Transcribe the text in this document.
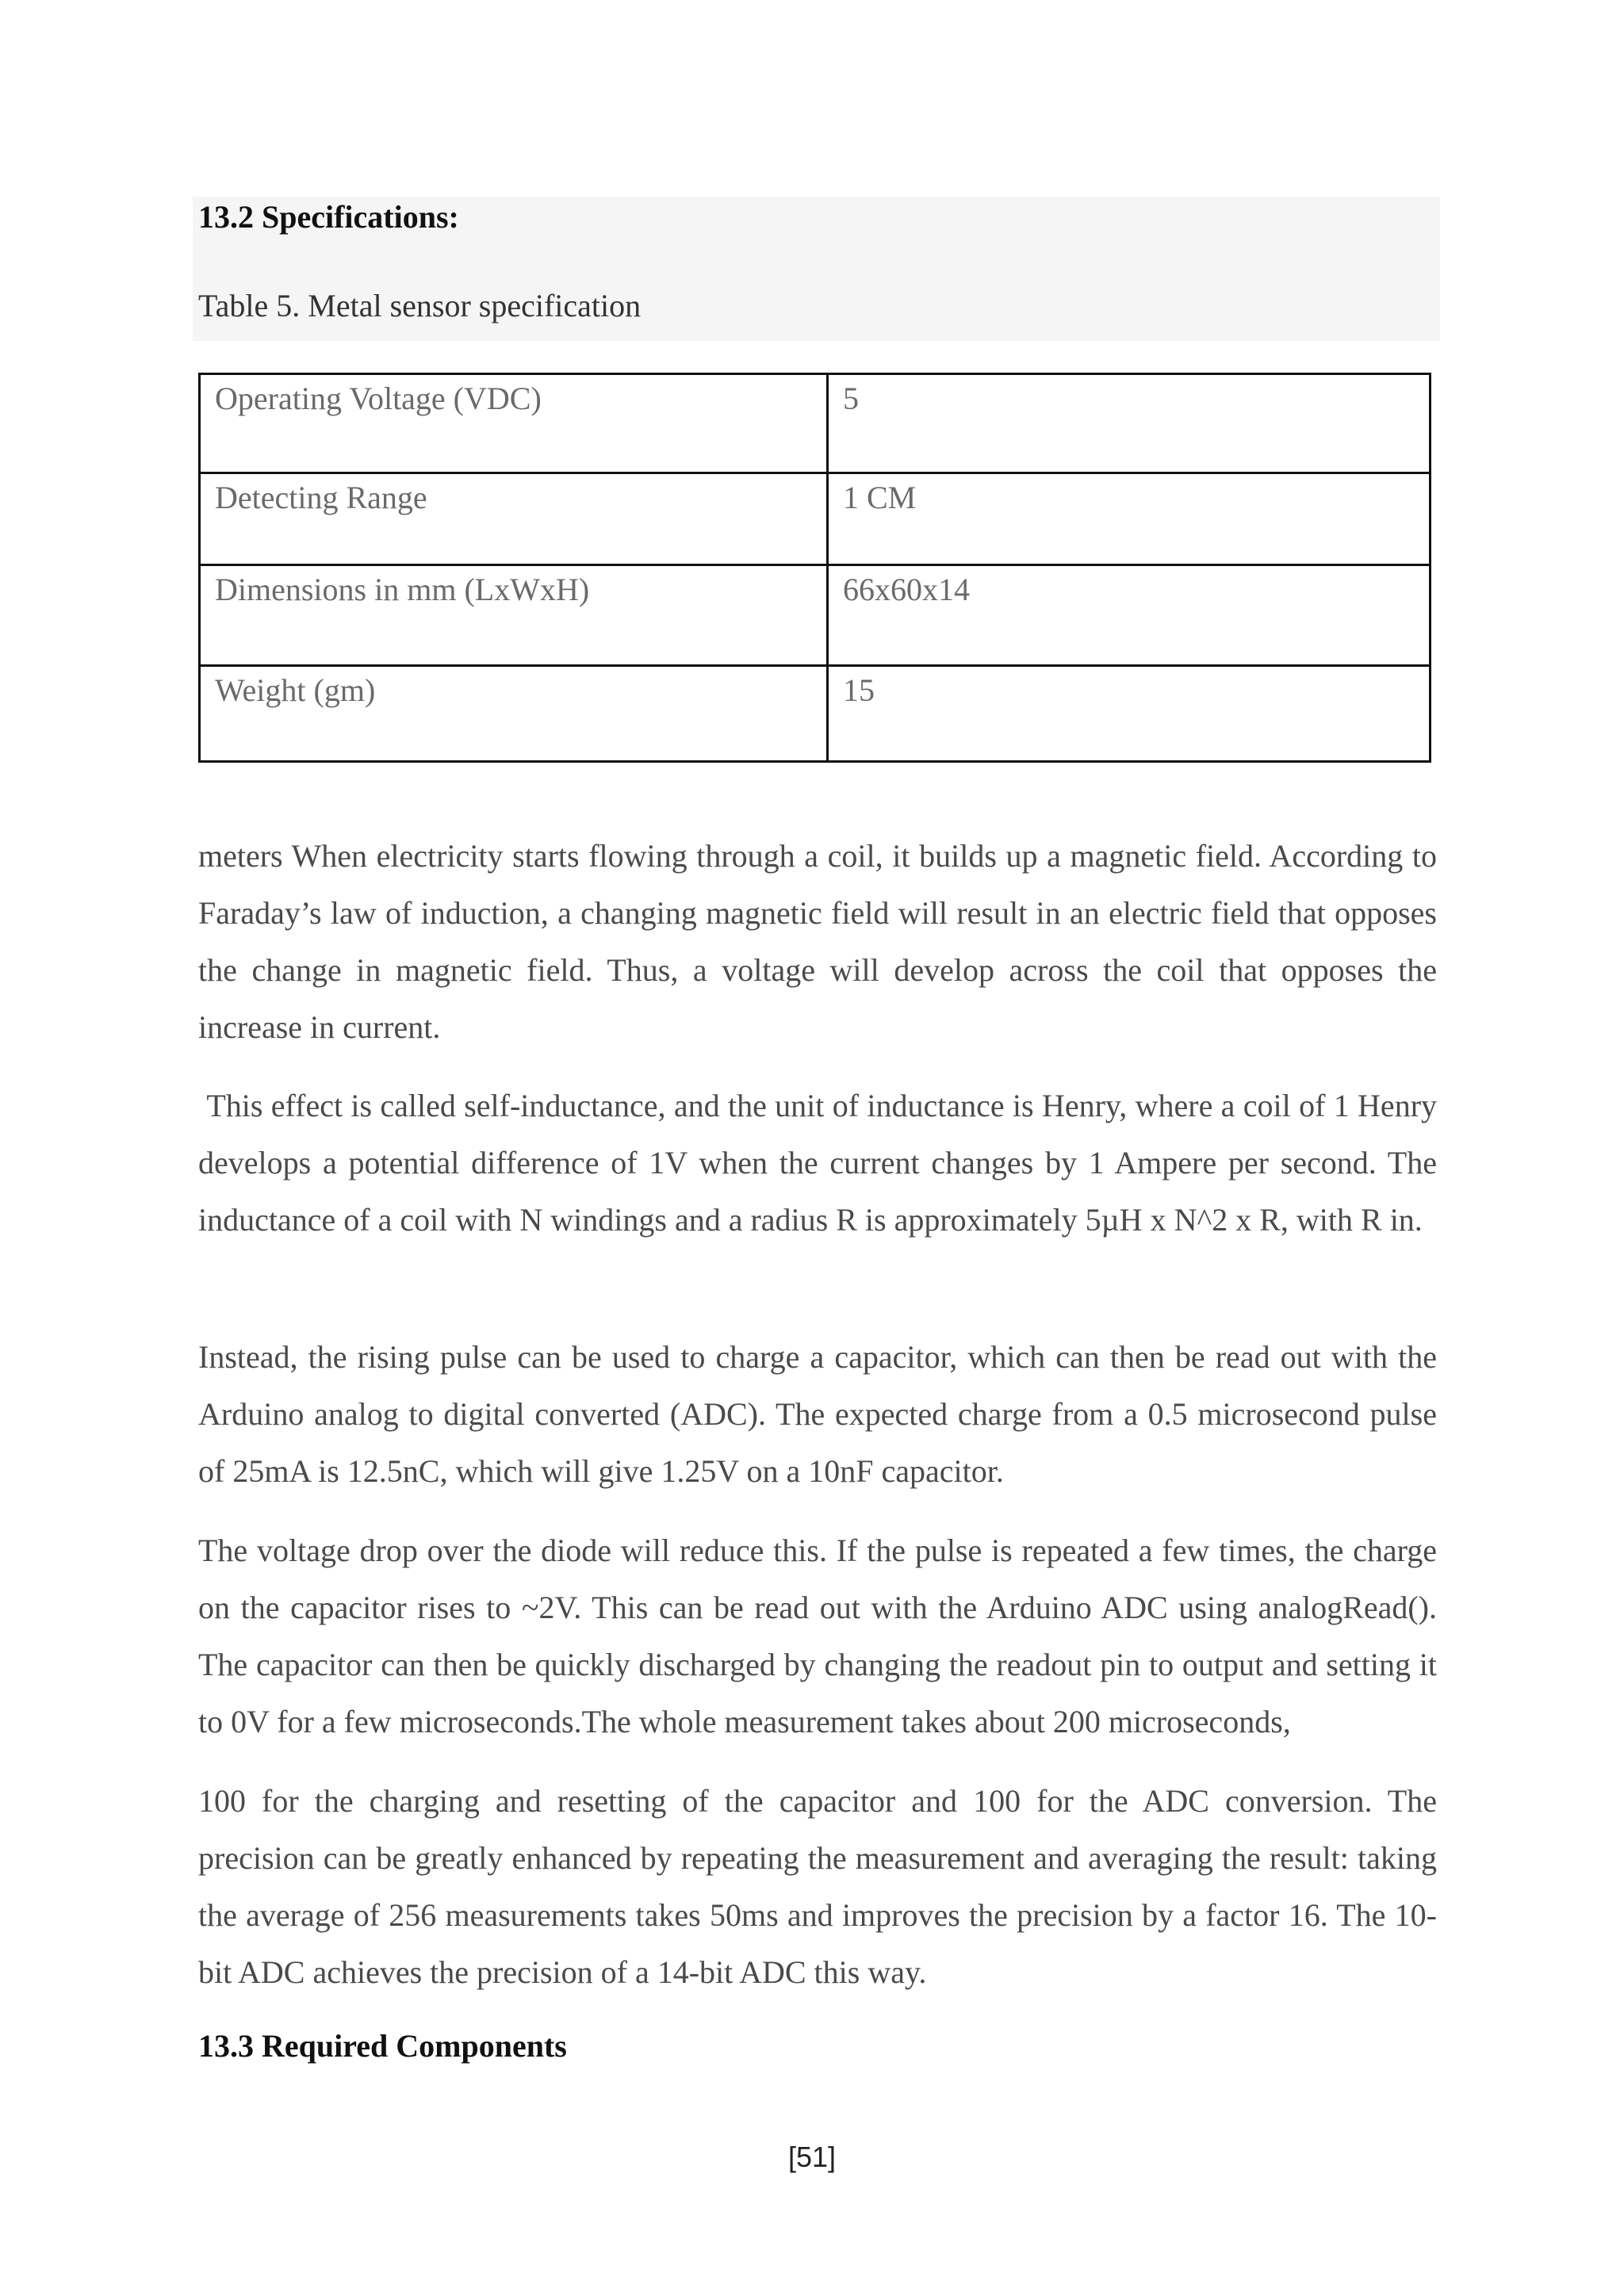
13.2 Specifications:

Table 5. Metal sensor specification

Operating Voltage (VDC)	5
Detecting Range	1 CM
Dimensions in mm (LxWxH)	66x60x14
Weight (gm)	15

meters When electricity starts flowing through a coil, it builds up a magnetic field. According to Faraday’s law of induction, a changing magnetic field will result in an electric field that opposes the change in magnetic field. Thus, a voltage will develop across the coil that opposes the increase in current.

This effect is called self-inductance, and the unit of inductance is Henry, where a coil of 1 Henry develops a potential difference of 1V when the current changes by 1 Ampere per second. The inductance of a coil with N windings and a radius R is approximately 5µH x N^2 x R, with R in.

Instead, the rising pulse can be used to charge a capacitor, which can then be read out with the Arduino analog to digital converted (ADC). The expected charge from a 0.5 microsecond pulse of 25mA is 12.5nC, which will give 1.25V on a 10nF capacitor.

The voltage drop over the diode will reduce this. If the pulse is repeated a few times, the charge on the capacitor rises to ~2V. This can be read out with the Arduino ADC using analogRead(). The capacitor can then be quickly discharged by changing the readout pin to output and setting it to 0V for a few microseconds.The whole measurement takes about 200 microseconds,

100 for the charging and resetting of the capacitor and 100 for the ADC conversion. The precision can be greatly enhanced by repeating the measurement and averaging the result: taking the average of 256 measurements takes 50ms and improves the precision by a factor 16. The 10-bit ADC achieves the precision of a 14-bit ADC this way.

13.3 Required Components
[51]
